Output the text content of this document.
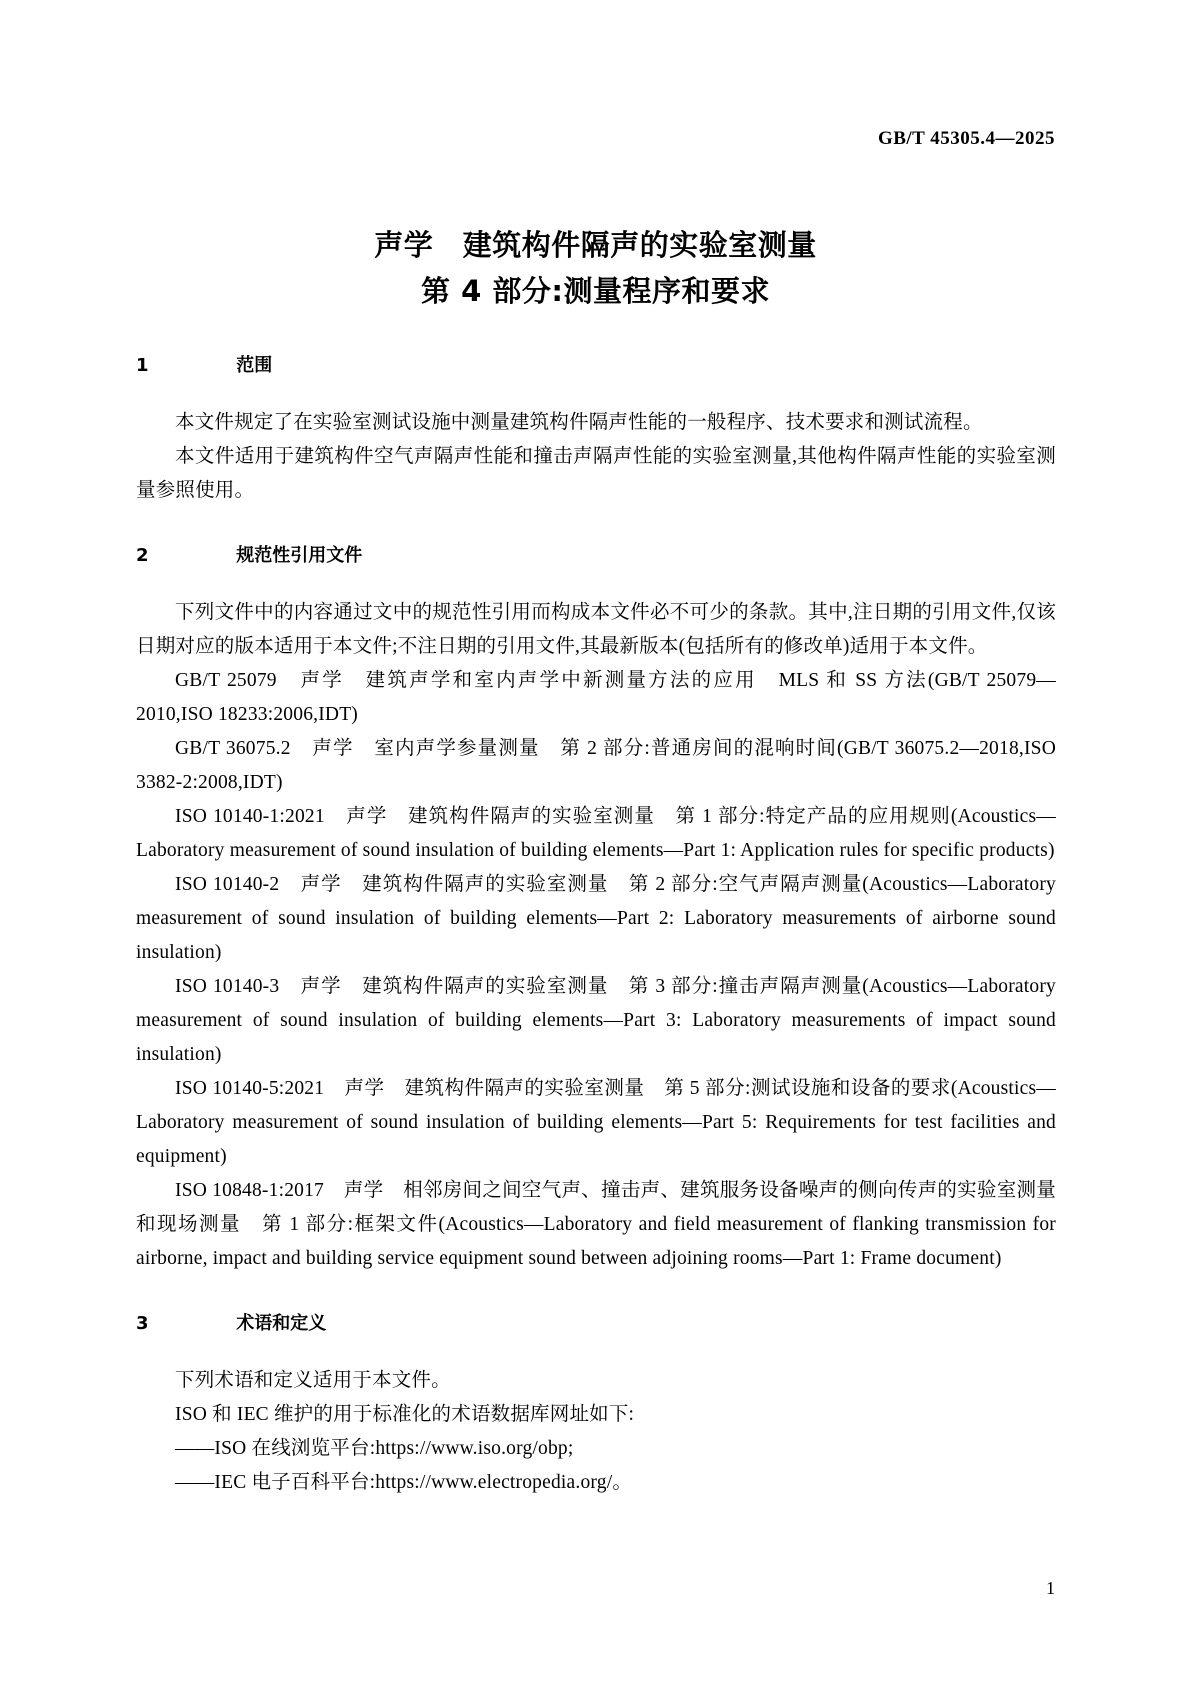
GB/T 45305.4—2025
声学　建筑构件隔声的实验室测量
第 4 部分:测量程序和要求
1			范围

本文件规定了在实验室测试设施中测量建筑构件隔声性能的一般程序、技术要求和测试流程。

本文件适用于建筑构件空气声隔声性能和撞击声隔声性能的实验室测量,其他构件隔声性能的实验室测量参照使用。

2			规范性引用文件

下列文件中的内容通过文中的规范性引用而构成本文件必不可少的条款。其中,注日期的引用文件,仅该日期对应的版本适用于本文件;不注日期的引用文件,其最新版本(包括所有的修改单)适用于本文件。

GB/T 25079　声学　建筑声学和室内声学中新测量方法的应用　MLS 和 SS 方法(GB/T 25079—2010,ISO 18233:2006,IDT)

GB/T 36075.2　声学　室内声学参量测量　第 2 部分:普通房间的混响时间(GB/T 36075.2—2018,ISO 3382-2:2008,IDT)

ISO 10140-1:2021　声学　建筑构件隔声的实验室测量　第 1 部分:特定产品的应用规则(Acoustics—Laboratory measurement of sound insulation of building elements—Part 1: Application rules for specific products)

ISO 10140-2　声学　建筑构件隔声的实验室测量　第 2 部分:空气声隔声测量(Acoustics—Laboratory measurement of sound insulation of building elements—Part 2: Laboratory measurements of airborne sound insulation)

ISO 10140-3　声学　建筑构件隔声的实验室测量　第 3 部分:撞击声隔声测量(Acoustics—Laboratory measurement of sound insulation of building elements—Part 3: Laboratory measurements of impact sound insulation)

ISO 10140-5:2021　声学　建筑构件隔声的实验室测量　第 5 部分:测试设施和设备的要求(Acoustics—Laboratory measurement of sound insulation of building elements—Part 5: Requirements for test facilities and equipment)

ISO 10848-1:2017　声学　相邻房间之间空气声、撞击声、建筑服务设备噪声的侧向传声的实验室测量和现场测量　第 1 部分:框架文件(Acoustics—Laboratory and field measurement of flanking transmission for airborne, impact and building service equipment sound between adjoining rooms—Part 1: Frame document)

3			术语和定义

下列术语和定义适用于本文件。

ISO 和 IEC 维护的用于标准化的术语数据库网址如下:

——ISO 在线浏览平台:https://www.iso.org/obp;

——IEC 电子百科平台:https://www.electropedia.org/。

1
